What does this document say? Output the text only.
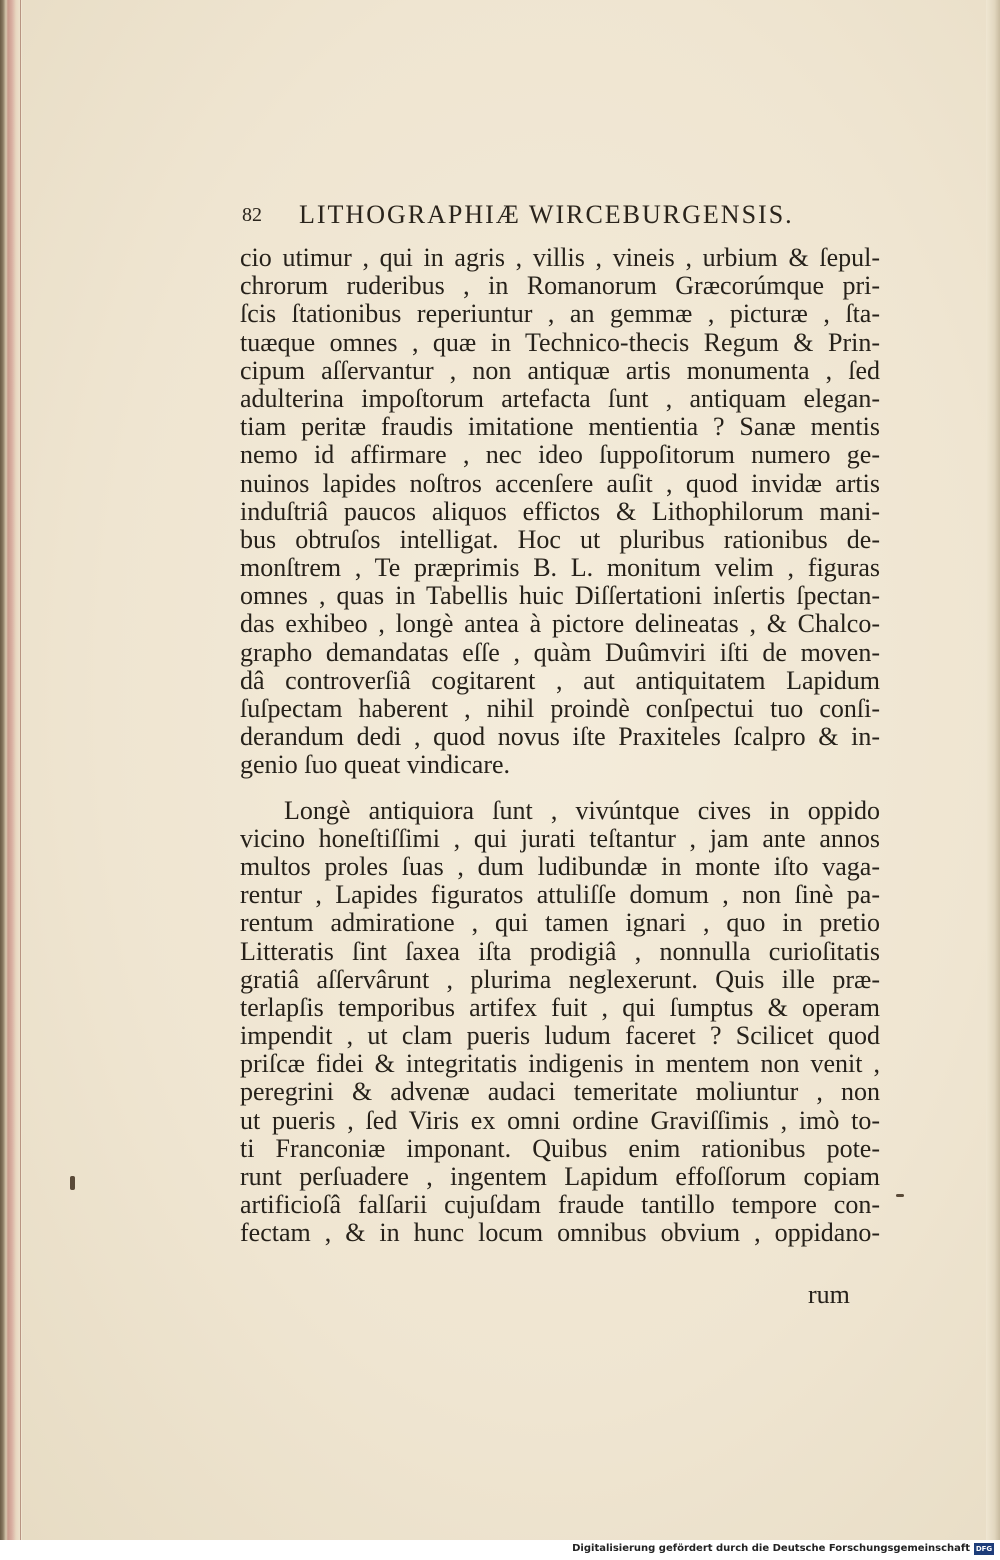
82 LITHOGRAPHIÆ WIRCEBURGENSIS.
cio utimur , qui in agris , villis , vineis , urbium & ſepul-
chrorum ruderibus , in Romanorum Græcorúmque pri-
ſcis ſtationibus reperiuntur , an gemmæ , picturæ , ſta-
tuæque omnes , quæ in Technico-thecis Regum & Prin-
cipum aſſervantur , non antiquæ artis monumenta , ſed
adulterina impoſtorum artefacta ſunt , antiquam elegan-
tiam peritæ fraudis imitatione mentientia ? Sanæ mentis
nemo id affirmare , nec ideo ſuppoſitorum numero ge-
nuinos lapides noſtros accenſere auſit , quod invidæ artis
induſtriâ paucos aliquos effictos & Lithophilorum mani-
bus obtruſos intelligat. Hoc ut pluribus rationibus de-
monſtrem , Te præprimis B. L. monitum velim , figuras
omnes , quas in Tabellis huic Diſſertationi inſertis ſpectan-
das exhibeo , longè antea à pictore delineatas , & Chalco-
grapho demandatas eſſe , quàm Duûmviri iſti de moven-
dâ controverſiâ cogitarent , aut antiquitatem Lapidum
ſuſpectam haberent , nihil proindè conſpectui tuo conſi-
derandum dedi , quod novus iſte Praxiteles ſcalpro & in-
genio ſuo queat vindicare.
Longè antiquiora ſunt , vivúntque cives in oppido
vicino honeſtiſſimi , qui jurati teſtantur , jam ante annos
multos proles ſuas , dum ludibundæ in monte iſto vaga-
rentur , Lapides figuratos attuliſſe domum , non ſinè pa-
rentum admiratione , qui tamen ignari , quo in pretio
Litteratis ſint ſaxea iſta prodigiâ , nonnulla curioſitatis
gratiâ aſſervârunt , plurima neglexerunt. Quis ille præ-
terlapſis temporibus artifex fuit , qui ſumptus & operam
impendit , ut clam pueris ludum faceret ? Scilicet quod
priſcæ fidei & integritatis indigenis in mentem non venit ,
peregrini & advenæ audaci temeritate moliuntur , non
ut pueris , ſed Viris ex omni ordine Graviſſimis , imò to-
ti Franconiæ imponant. Quibus enim rationibus pote-
runt perſuadere , ingentem Lapidum effoſſorum copiam
artificioſâ falſarii cujuſdam fraude tantillo tempore con-
fectam , & in hunc locum omnibus obvium , oppidano-
rum
Digitalisierung gefördert durch die Deutsche Forschungsgemeinschaft DFG
